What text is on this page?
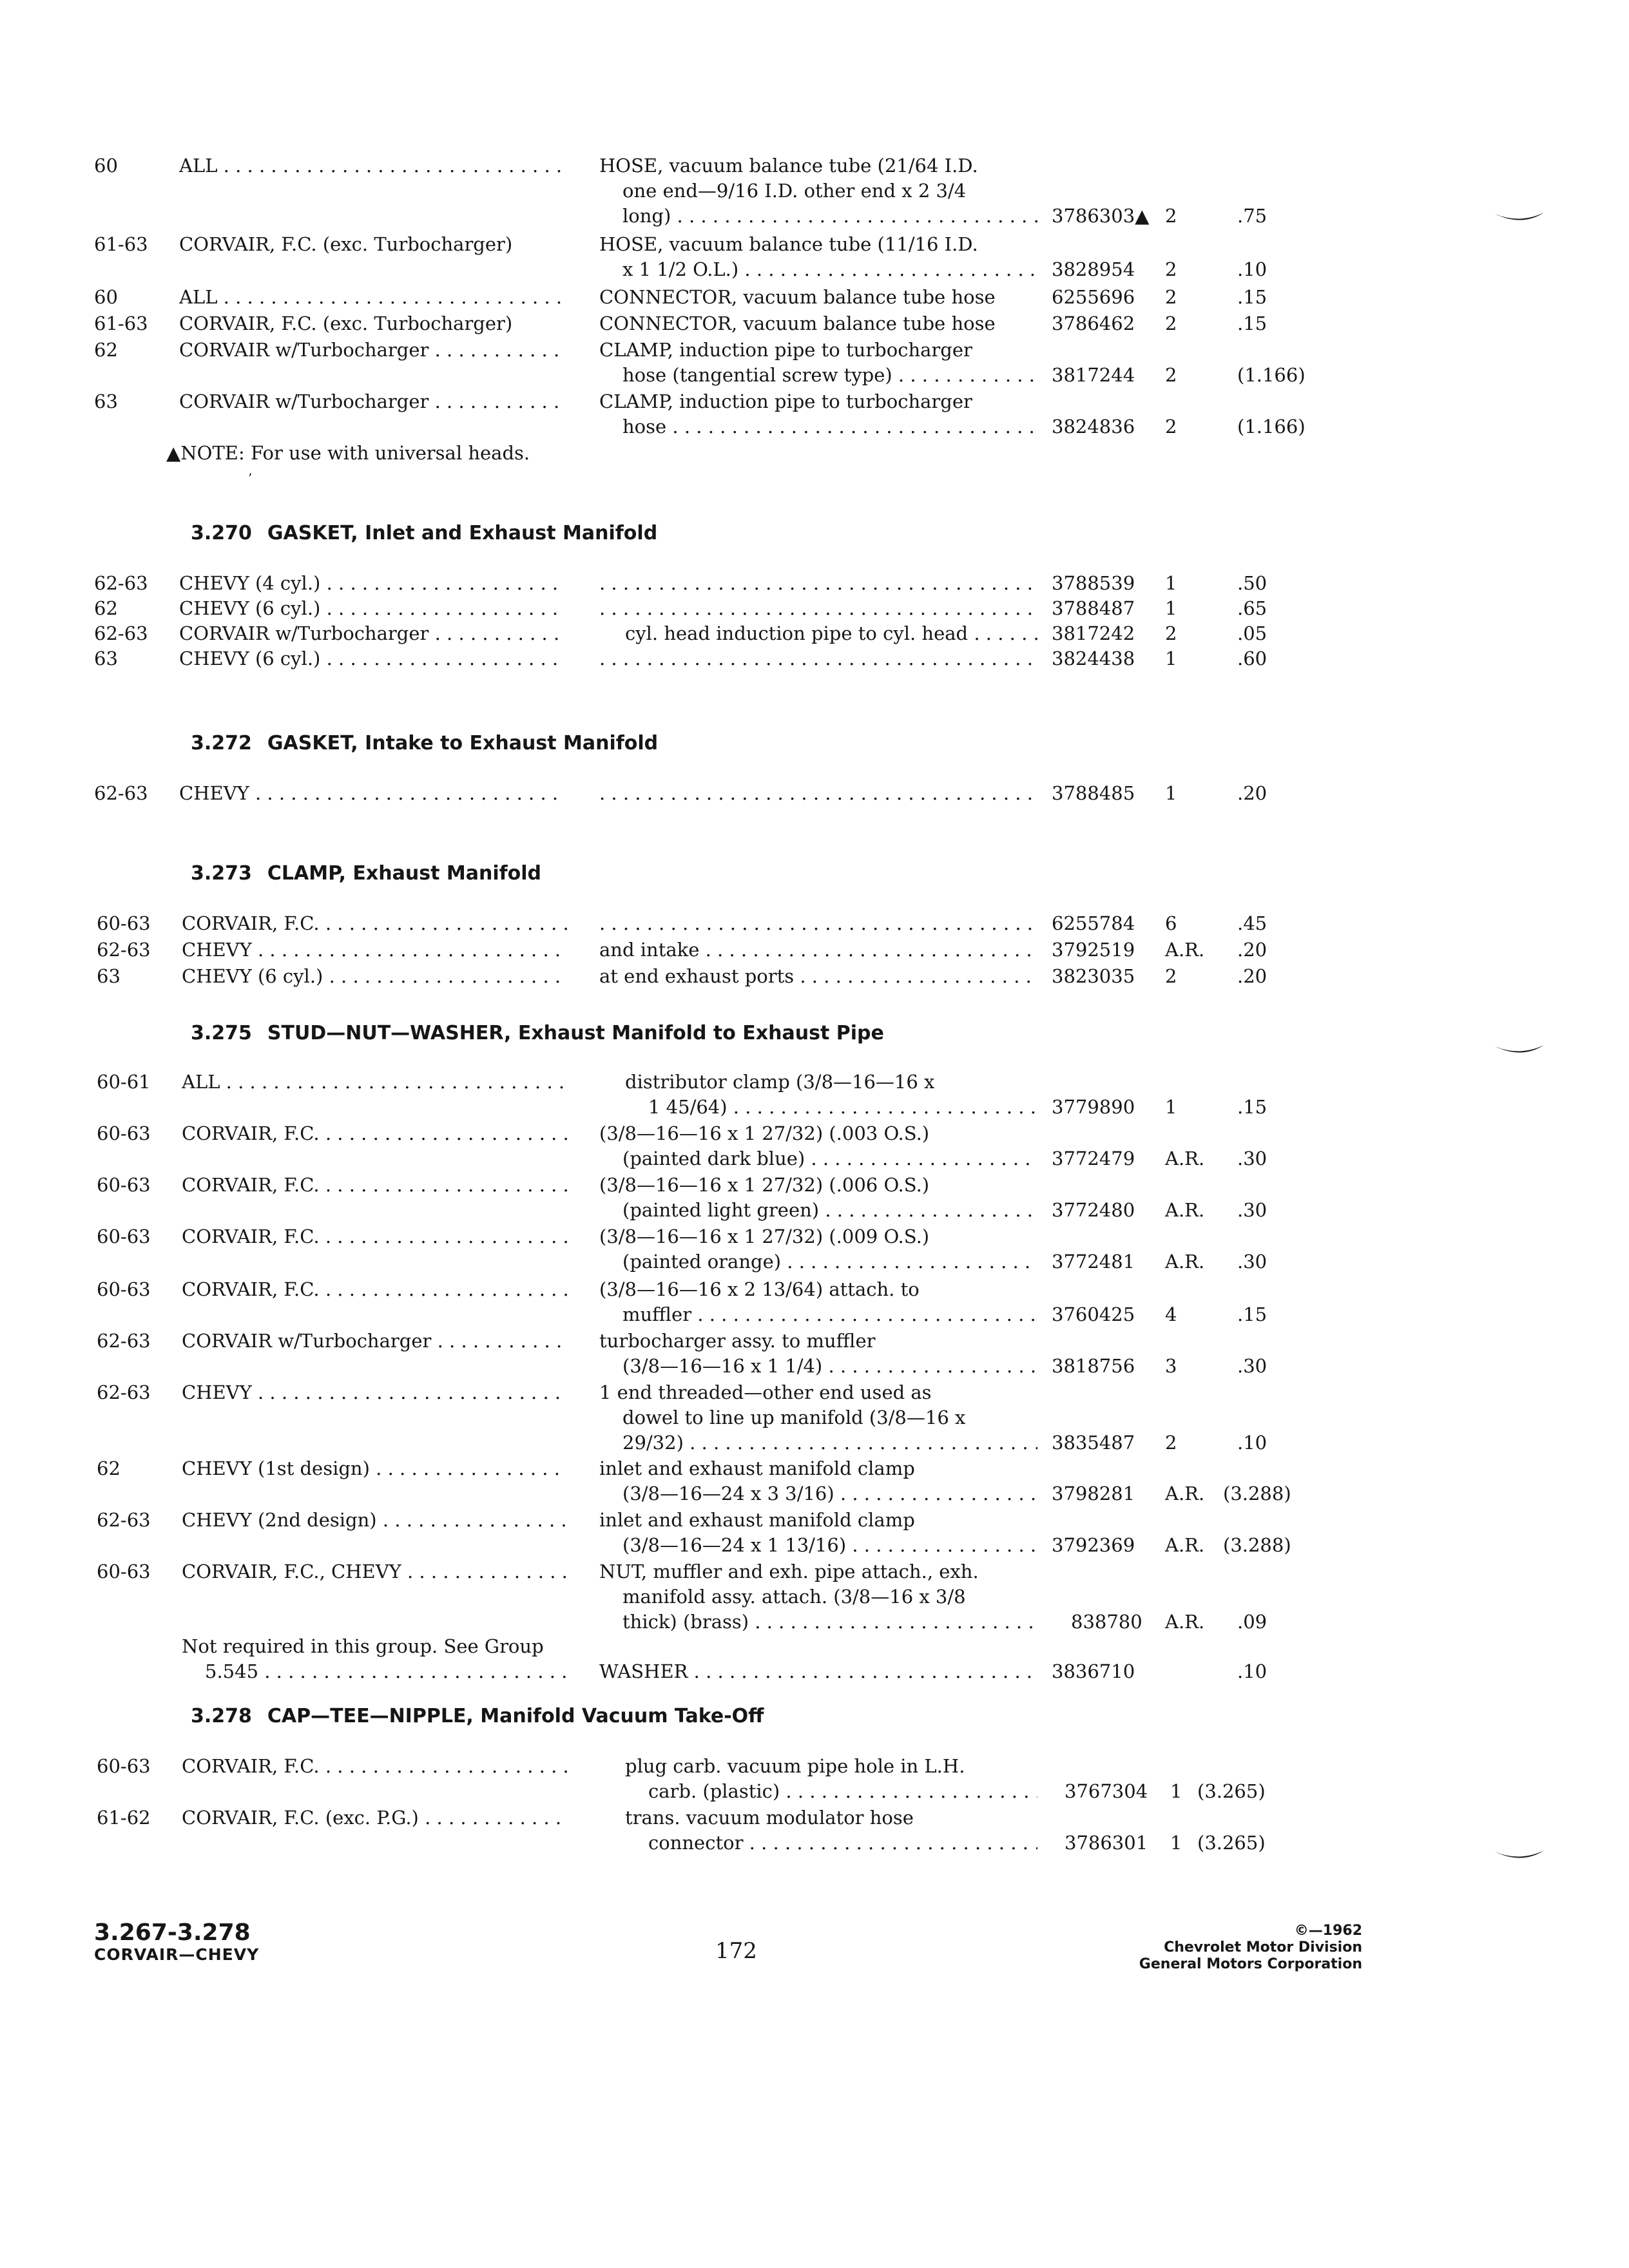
60	ALL . . .	HOSE, vacuum balance tube (21/64 I.D.
one end—9/16 I.D. other end x 2 3/4
long) . . .	3786303▲ 2	.75
61-63 CORVAIR, F.C. (exc. Turbocharger)	HOSE, vacuum balance tube (11/16 I.D.
x 1 1/2 O.L.) . . .	3828954 2	.10
60	ALL . . .	CONNECTOR, vacuum balance tube hose	6255696 2	.15
61-63 CORVAIR, F.C. (exc. Turbocharger)	CONNECTOR, vacuum balance tube hose	3786462 2	.15
62	CORVAIR w/Turbocharger . . .	CLAMP, induction pipe to turbocharger
hose (tangential screw type) . . .	3817244 2	(1.166)
63	CORVAIR w/Turbocharger . . .	CLAMP, induction pipe to turbocharger
hose . . .	3824836 2	(1.166)
▲NOTE: For use with universal heads.
’
3.270 GASKET, Inlet and Exhaust Manifold
62-63 CHEVY (4 cyl.) . . . . . .	3788539 1	.50
62	CHEVY (6 cyl.) . . . . . .	3788487 1	.65
62-63 CORVAIR w/Turbocharger . . .	cyl. head induction pipe to cyl. head . . .	3817242 2	.05
63	CHEVY (6 cyl.) . . . . . .	3824438 1	.60
3.272 GASKET, Intake to Exhaust Manifold
62-63 CHEVY . . . . . .	3788485 1	.20
3.273 CLAMP, Exhaust Manifold
60-63 CORVAIR, F.C. . . . . . .	6255784 6	.45
62-63 CHEVY . . .	and intake . . .	3792519 A.R. .20
63	CHEVY (6 cyl.) . . .	at end exhaust ports . . .	3823035 2	.20
3.275 STUD—NUT—WASHER, Exhaust Manifold to Exhaust Pipe
60-61 ALL . . .	distributor clamp (3/8—16—16 x
1 45/64) . . .	3779890 1	.15
60-63 CORVAIR, F.C. . . .	(3/8—16—16 x 1 27/32) (.003 O.S.)
(painted dark blue) . . .	3772479 A.R. .30
60-63 CORVAIR, F.C. . . .	(3/8—16—16 x 1 27/32) (.006 O.S.)
(painted light green) . . .	3772480 A.R. .30
60-63 CORVAIR, F.C. . . .	(3/8—16—16 x 1 27/32) (.009 O.S.)
(painted orange) . . .	3772481 A.R. .30
60-63 CORVAIR, F.C. . . .	(3/8—16—16 x 2 13/64) attach. to
muffler . . .	3760425 4	.15
62-63 CORVAIR w/Turbocharger . . .	turbocharger assy. to muffler
(3/8—16—16 x 1 1/4) . . .	3818756 3	.30
62-63 CHEVY . . .	1 end threaded—other end used as
dowel to line up manifold (3/8—16 x
29/32) . . .	3835487 2	.10
62	CHEVY (1st design) . . .	inlet and exhaust manifold clamp
(3/8—16—24 x 3 3/16) . . .	3798281 A.R. (3.288)
62-63 CHEVY (2nd design) . . .	inlet and exhaust manifold clamp
(3/8—16—24 x 1 13/16) . . .	3792369 A.R. (3.288)
60-63 CORVAIR, F.C., CHEVY . . .	NUT, muffler and exh. pipe attach., exh.
manifold assy. attach. (3/8—16 x 3/8
thick) (brass) . . .	838780 A.R. .09
Not required in this group. See Group
5.545 . . .	WASHER . . .	3836710	.10
3.278 CAP—TEE—NIPPLE, Manifold Vacuum Take-Off
60-63 CORVAIR, F.C. . . .	plug carb. vacuum pipe hole in L.H.
carb. (plastic) . . .	3767304 1 (3.265)
61-62 CORVAIR, F.C. (exc. P.G.) . . .	trans. vacuum modulator hose
connector . . .	3786301 1 (3.265)
3.267-3.278
CORVAIR—CHEVY	172
©—1962
Chevrolet Motor Division
General Motors Corporation
